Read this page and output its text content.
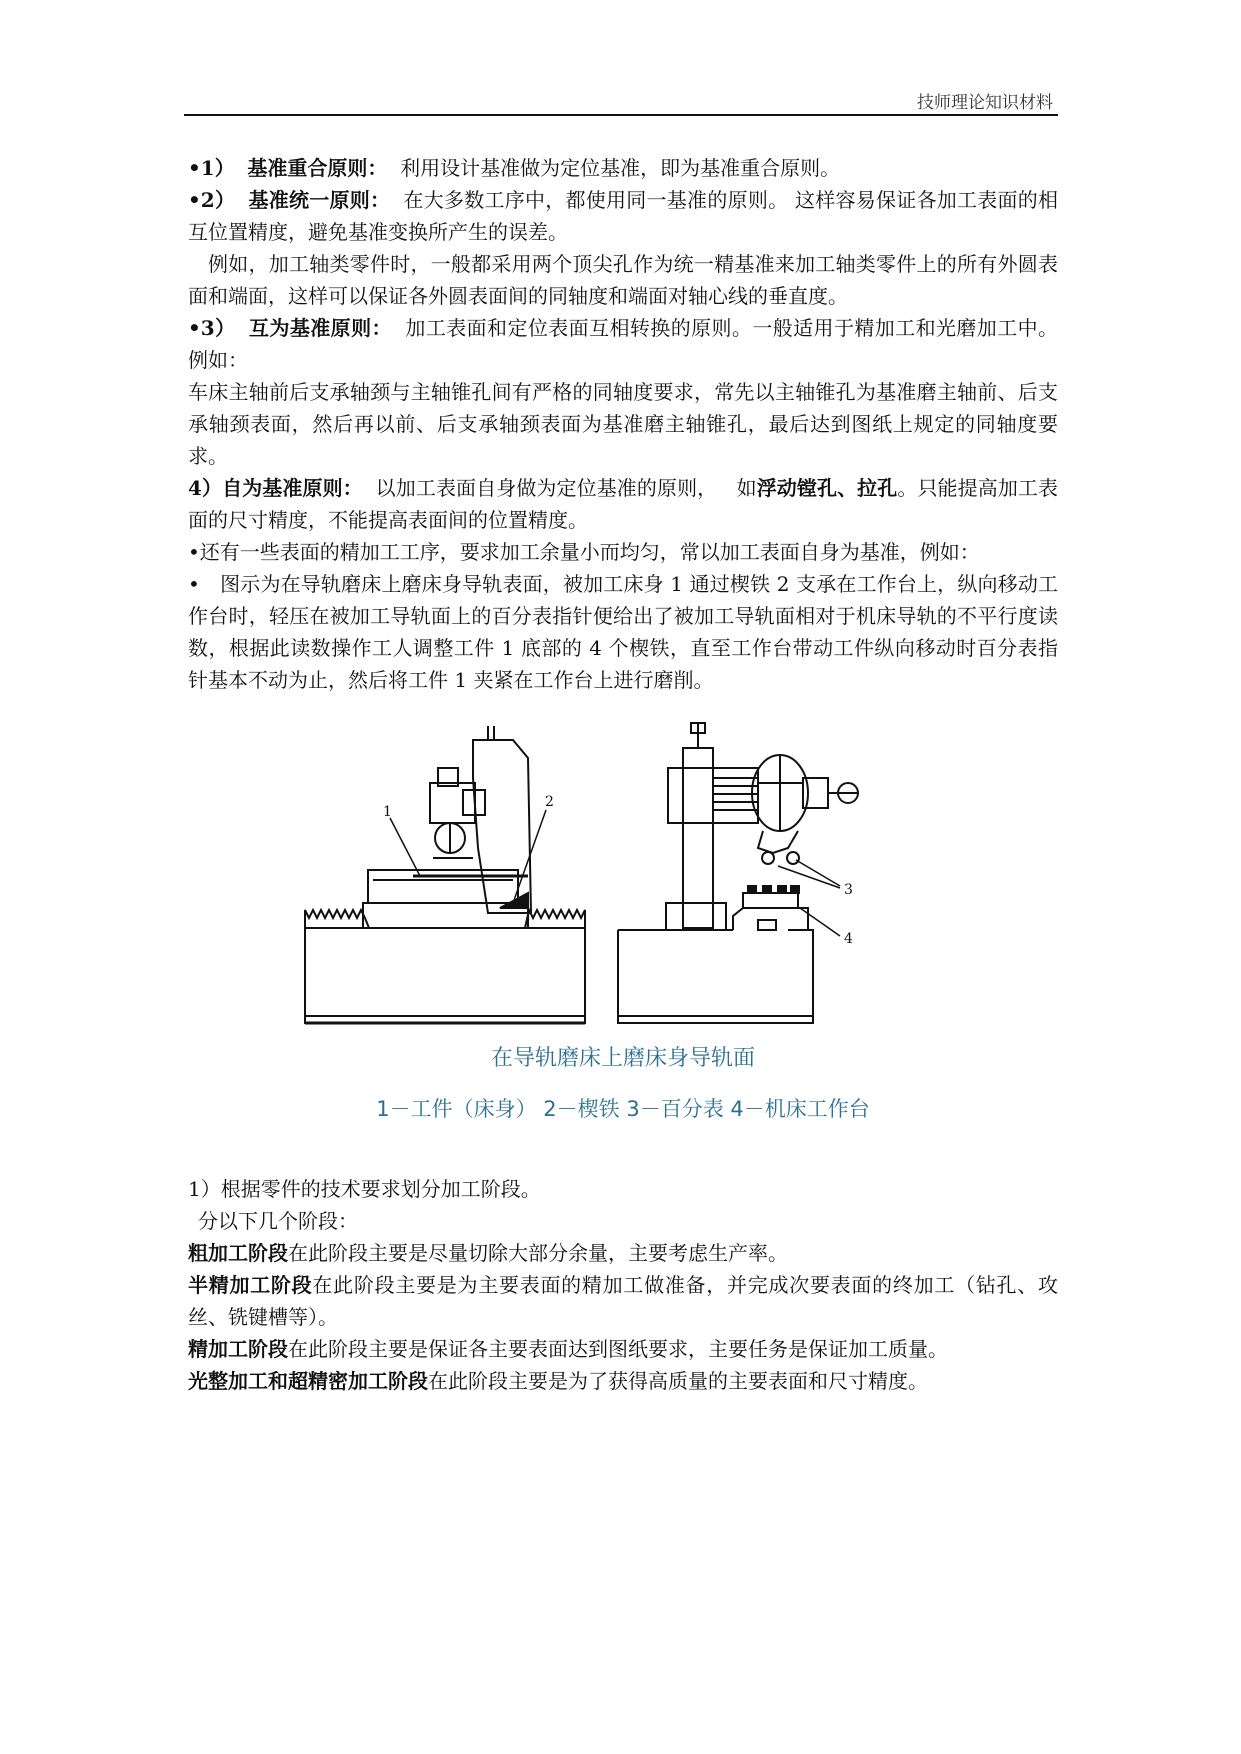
技师理论知识材料

•1） 基准重合原则： 利用设计基准做为定位基准，即为基准重合原则。

•2） 基准统一原则： 在大多数工序中，都使用同一基准的原则。 这样容易保证各加工表面的相互位置精度，避免基准变换所产生的误差。

例如，加工轴类零件时，一般都采用两个顶尖孔作为统一精基准来加工轴类零件上的所有外圆表面和端面，这样可以保证各外圆表面间的同轴度和端面对轴心线的垂直度。

•3） 互为基准原则： 加工表面和定位表面互相转换的原则。一般适用于精加工和光磨加工中。例如：

车床主轴前后支承轴颈与主轴锥孔间有严格的同轴度要求，常先以主轴锥孔为基准磨主轴前、后支承轴颈表面，然后再以前、后支承轴颈表面为基准磨主轴锥孔，最后达到图纸上规定的同轴度要求。

4）自为基准原则： 以加工表面自身做为定位基准的原则， 如浮动镗孔、拉孔。只能提高加工表面的尺寸精度，不能提高表面间的位置精度。

•还有一些表面的精加工工序，要求加工余量小而均匀，常以加工表面自身为基准，例如：

•　图示为在导轨磨床上磨床身导轨表面，被加工床身 1 通过楔铁 2 支承在工作台上，纵向移动工作台时，轻压在被加工导轨面上的百分表指针便给出了被加工导轨面相对于机床导轨的不平行度读数，根据此读数操作工人调整工件 1 底部的 4 个楔铁，直至工作台带动工件纵向移动时百分表指针基本不动为止，然后将工件 1 夹紧在工作台上进行磨削。

1
2
3
4
在导轨磨床上磨床身导轨面
1－工件（床身） 2－楔铁 3－百分表 4－机床工作台

1）根据零件的技术要求划分加工阶段。

分以下几个阶段：

粗加工阶段在此阶段主要是尽量切除大部分余量，主要考虑生产率。

半精加工阶段在此阶段主要是为主要表面的精加工做准备，并完成次要表面的终加工（钻孔、攻丝、铣键槽等）。

精加工阶段在此阶段主要是保证各主要表面达到图纸要求，主要任务是保证加工质量。

光整加工和超精密加工阶段在此阶段主要是为了获得高质量的主要表面和尺寸精度。
